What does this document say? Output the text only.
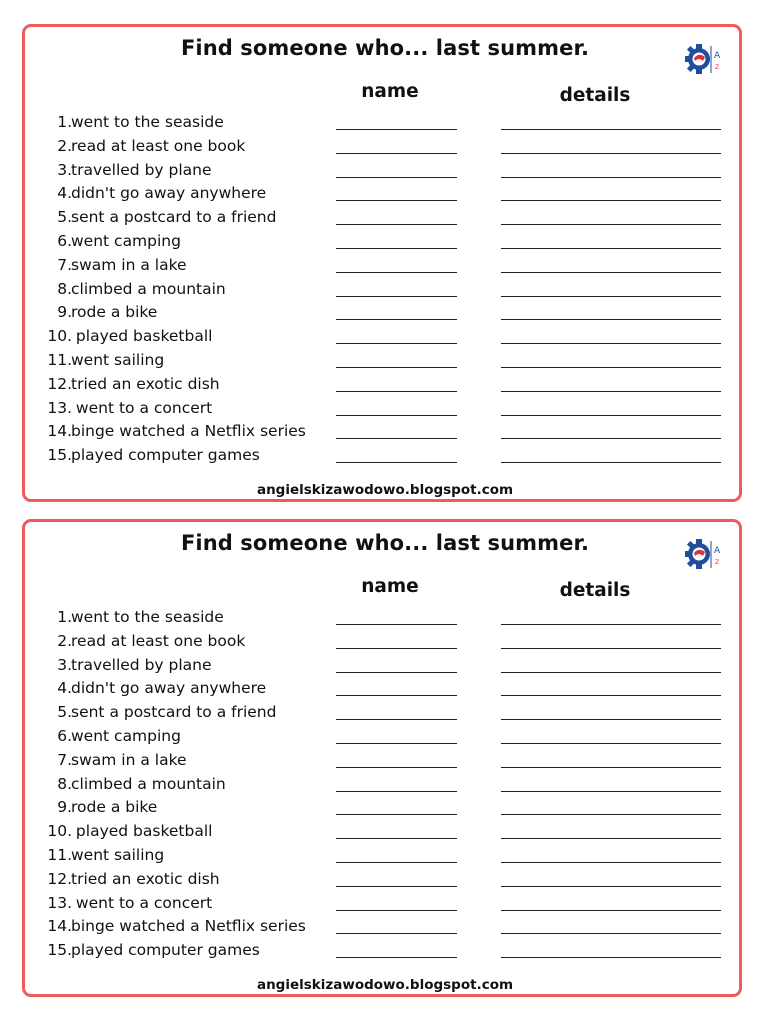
Find someone who... last summer.	A
Z
name	details
1. went to the seaside
2. read at least one book
3. travelled by plane
4. didn't go away anywhere
5. sent a postcard to a friend
6. went camping
7. swam in a lake
8. climbed a mountain
9. rode a bike
10. played basketball
11. went sailing
12. tried an exotic dish
13. went to a concert
14. binge watched a Netflix series
15. played computer games
angielskizawodowo.blogspot.com
Find someone who... last summer.	A
Z
name	details
1. went to the seaside
2. read at least one book
3. travelled by plane
4. didn't go away anywhere
5. sent a postcard to a friend
6. went camping
7. swam in a lake
8. climbed a mountain
9. rode a bike
10. played basketball
11. went sailing
12. tried an exotic dish
13. went to a concert
14. binge watched a Netflix series
15. played computer games
angielskizawodowo.blogspot.com
